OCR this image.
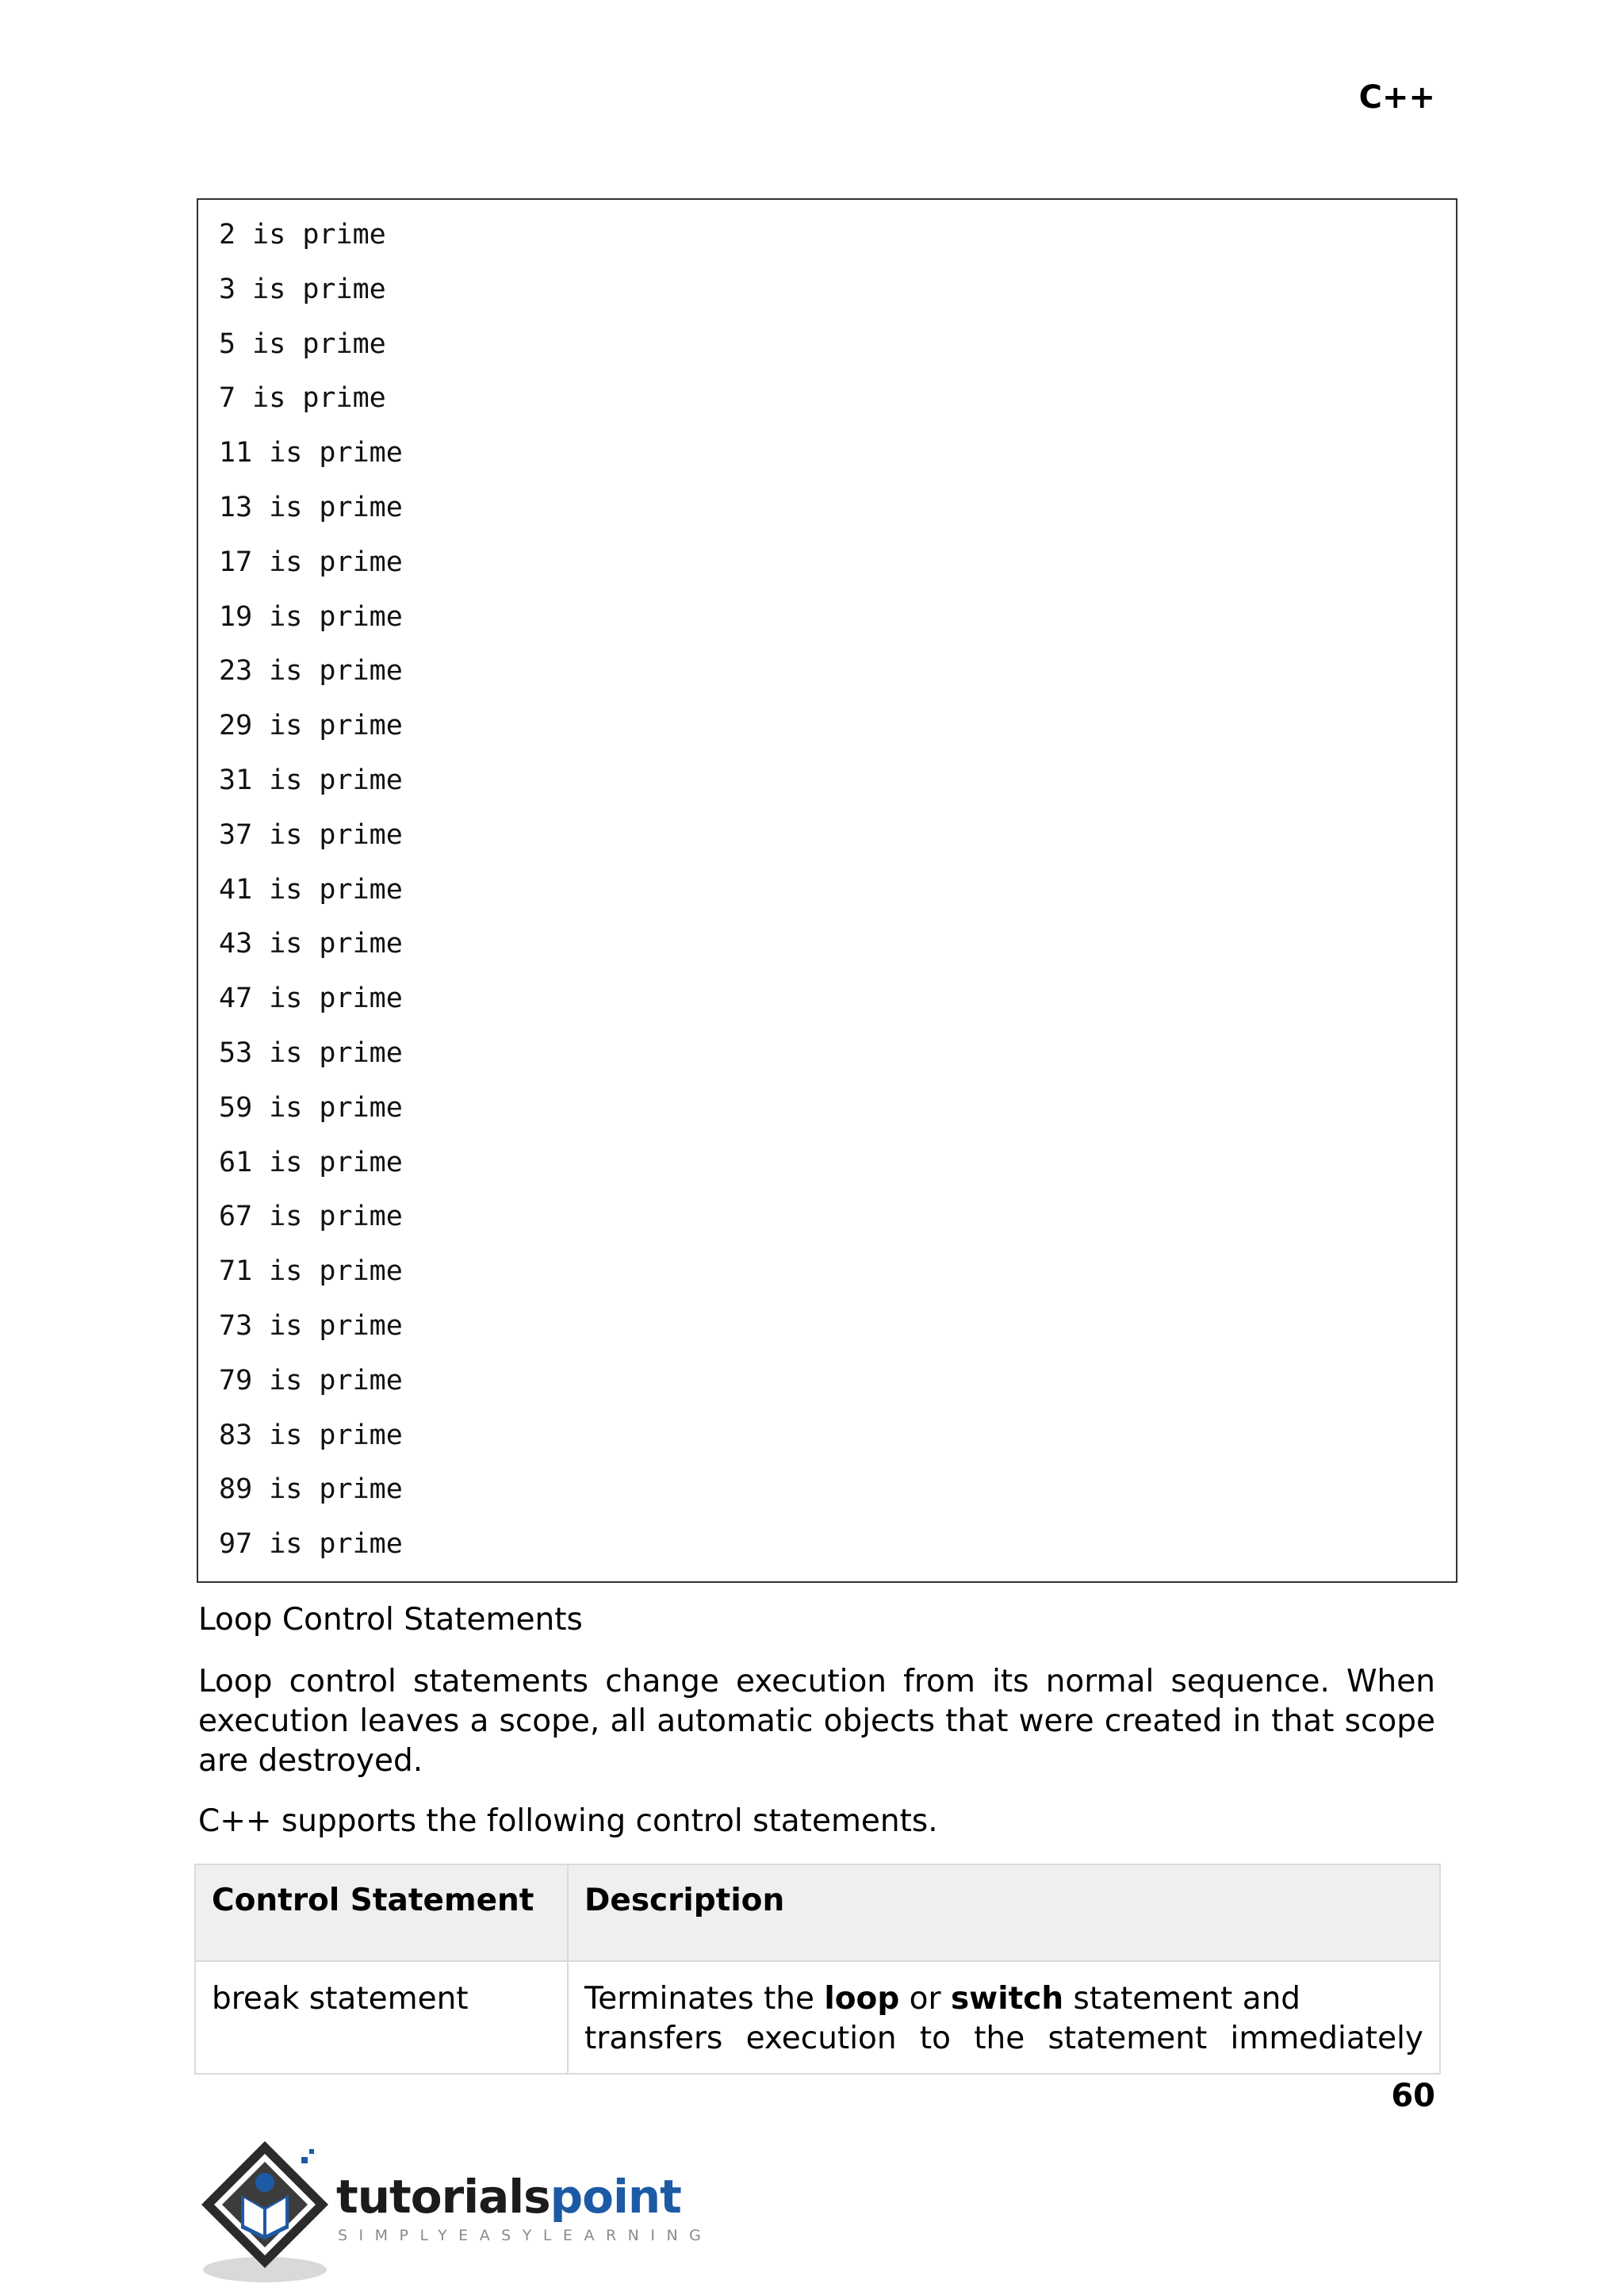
C++
2 is prime
3 is prime
5 is prime
7 is prime
11 is prime
13 is prime
17 is prime
19 is prime
23 is prime
29 is prime
31 is prime
37 is prime
41 is prime
43 is prime
47 is prime
53 is prime
59 is prime
61 is prime
67 is prime
71 is prime
73 is prime
79 is prime
83 is prime
89 is prime
97 is prime
Loop Control Statements
Loop control statements change execution from its normal sequence. When execution leaves a scope, all automatic objects that were created in that scope are destroyed.
C++ supports the following control statements.
Control Statement	Description
break statement	Terminates the loop or switch statement and transfers execution to the statement immediately
60
tutorialspoint
SIMPLYEASYLEARNING
